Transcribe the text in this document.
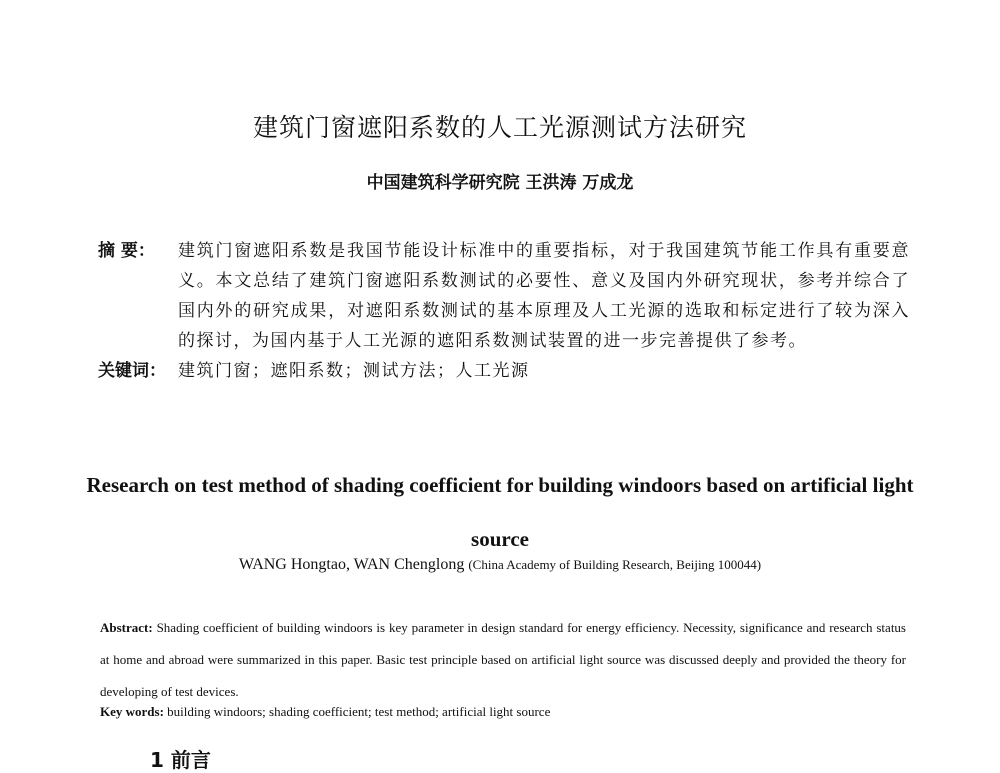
建筑门窗遮阳系数的人工光源测试方法研究
中国建筑科学研究院 王洪涛 万成龙
摘 要：	建筑门窗遮阳系数是我国节能设计标准中的重要指标，对于我国建筑节能工作具有重要意义。本文总结了建筑门窗遮阳系数测试的必要性、意义及国内外研究现状，参考并综合了国内外的研究成果，对遮阳系数测试的基本原理及人工光源的选取和标定进行了较为深入的探讨，为国内基于人工光源的遮阳系数测试装置的进一步完善提供了参考。
关键词： 建筑门窗；遮阳系数；测试方法；人工光源
Research on test method of shading coefficient for building windoors based on artificial light source
WANG Hongtao, WAN Chenglong (China Academy of Building Research, Beijing 100044)
Abstract: Shading coefficient of building windoors is key parameter in design standard for energy efficiency. Necessity, significance and research status at home and abroad were summarized in this paper. Basic test principle based on artificial light source was discussed deeply and provided the theory for developing of test devices.
Key words: building windoors; shading coefficient; test method; artificial light source
1 前言
